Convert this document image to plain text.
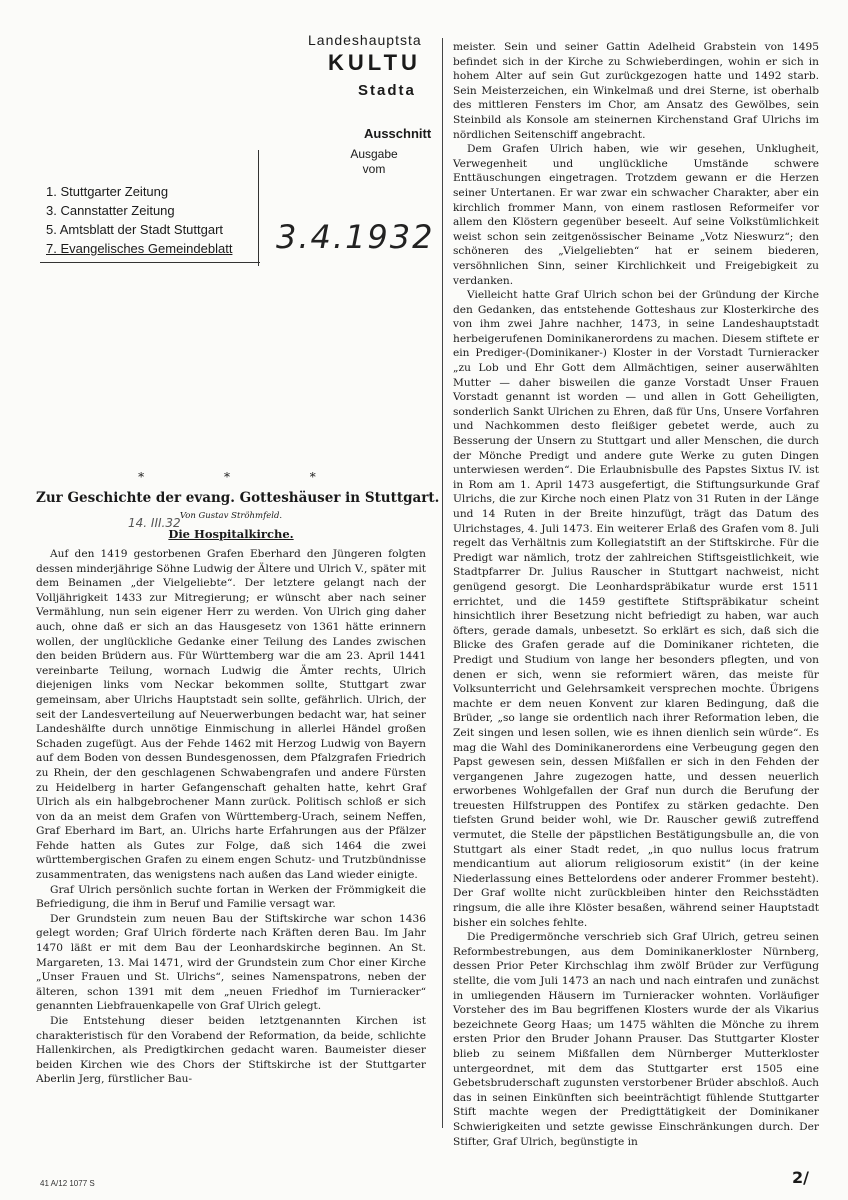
Landeshauptsta
KULTU
Stadta
Ausschnitt
Ausgabe
vom
1. Stuttgarter Zeitung
3. Cannstatter Zeitung
5. Amtsblatt der Stadt Stuttgart
7. Evangelisches Gemeindeblatt 3.4.1932
* * *
Zur Geschichte der evang. Gotteshäuser in Stuttgart.
Von Gustav Ströhmfeld.
14. III.32
Die Hospitalkirche.

Auf den 1419 gestorbenen Grafen Eberhard den Jüngeren folgten dessen minderjährige Söhne Ludwig der Ältere und Ulrich V., später mit dem Beinamen „der Vielgeliebte“. Der letztere gelangt nach der Volljährigkeit 1433 zur Mitregierung; er wünscht aber nach seiner Vermählung, nun sein eigener Herr zu werden. Von Ulrich ging daher auch, ohne daß er sich an das Hausgesetz von 1361 hätte erinnern wollen, der unglückliche Gedanke einer Teilung des Landes zwischen den beiden Brüdern aus. Für Württemberg war die am 23. April 1441 vereinbarte Teilung, wornach Ludwig die Ämter rechts, Ulrich diejenigen links vom Neckar bekommen sollte, Stuttgart zwar gemeinsam, aber Ulrichs Hauptstadt sein sollte, gefährlich. Ulrich, der seit der Landesverteilung auf Neuerwerbungen bedacht war, hat seiner Landeshälfte durch unnötige Einmischung in allerlei Händel großen Schaden zugefügt. Aus der Fehde 1462 mit Herzog Ludwig von Bayern auf dem Boden von dessen Bundesgenossen, dem Pfalzgrafen Friedrich zu Rhein, der den geschlagenen Schwabengrafen und andere Fürsten zu Heidelberg in harter Gefangenschaft gehalten hatte, kehrt Graf Ulrich als ein halbgebrochener Mann zurück. Politisch schloß er sich von da an meist dem Grafen von Württemberg-Urach, seinem Neffen, Graf Eberhard im Bart, an. Ulrichs harte Erfahrungen aus der Pfälzer Fehde hatten als Gutes zur Folge, daß sich 1464 die zwei württembergischen Grafen zu einem engen Schutz- und Trutzbündnisse zusammentraten, das wenigstens nach außen das Land wieder einigte.

Graf Ulrich persönlich suchte fortan in Werken der Frömmigkeit die Befriedigung, die ihm in Beruf und Familie versagt war.

Der Grundstein zum neuen Bau der Stiftskirche war schon 1436 gelegt worden; Graf Ulrich förderte nach Kräften deren Bau. Im Jahr 1470 läßt er mit dem Bau der Leonhardskirche beginnen. An St. Margareten, 13. Mai 1471, wird der Grundstein zum Chor einer Kirche „Unser Frauen und St. Ulrichs“, seines Namenspatrons, neben der älteren, schon 1391 mit dem „neuen Friedhof im Turnieracker“ genannten Liebfrauenkapelle von Graf Ulrich gelegt.

Die Entstehung dieser beiden letztgenannten Kirchen ist charakteristisch für den Vorabend der Reformation, da beide, schlichte Hallenkirchen, als Predigtkirchen gedacht waren. Baumeister dieser beiden Kirchen wie des Chors der Stiftskirche ist der Stuttgarter Aberlin Jerg, fürstlicher Bau-

meister. Sein und seiner Gattin Adelheid Grabstein von 1495 befindet sich in der Kirche zu Schwieberdingen, wohin er sich in hohem Alter auf sein Gut zurückgezogen hatte und 1492 starb. Sein Meisterzeichen, ein Winkelmaß und drei Sterne, ist oberhalb des mittleren Fensters im Chor, am Ansatz des Gewölbes, sein Steinbild als Konsole am steinernen Kirchenstand Graf Ulrichs im nördlichen Seitenschiff angebracht.

Dem Grafen Ulrich haben, wie wir gesehen, Unklugheit, Verwegenheit und unglückliche Umstände schwere Enttäuschungen eingetragen. Trotzdem gewann er die Herzen seiner Untertanen. Er war zwar ein schwacher Charakter, aber ein kirchlich frommer Mann, von einem rastlosen Reformeifer vor allem den Klöstern gegenüber beseelt. Auf seine Volkstümlichkeit weist schon sein zeitgenössischer Beiname „Votz Nieswurz“; den schöneren des „Vielgeliebten“ hat er seinem biederen, versöhnlichen Sinn, seiner Kirchlichkeit und Freigebigkeit zu verdanken.

Vielleicht hatte Graf Ulrich schon bei der Gründung der Kirche den Gedanken, das entstehende Gotteshaus zur Klosterkirche des von ihm zwei Jahre nachher, 1473, in seine Landeshauptstadt herbeigerufenen Dominikanerordens zu machen. Diesem stiftete er ein Prediger-(Dominikaner-) Kloster in der Vorstadt Turnieracker „zu Lob und Ehr Gott dem Allmächtigen, seiner auserwählten Mutter — daher bisweilen die ganze Vorstadt Unser Frauen Vorstadt genannt ist worden — und allen in Gott Geheiligten, sonderlich Sankt Ulrichen zu Ehren, daß für Uns, Unsere Vorfahren und Nachkommen desto fleißiger gebetet werde, auch zu Besserung der Unsern zu Stuttgart und aller Menschen, die durch der Mönche Predigt und andere gute Werke zu guten Dingen unterwiesen werden“. Die Erlaubnisbulle des Papstes Sixtus IV. ist in Rom am 1. April 1473 ausgefertigt, die Stiftungsurkunde Graf Ulrichs, die zur Kirche noch einen Platz von 31 Ruten in der Länge und 14 Ruten in der Breite hinzufügt, trägt das Datum des Ulrichstages, 4. Juli 1473. Ein weiterer Erlaß des Grafen vom 8. Juli regelt das Verhältnis zum Kollegiatstift an der Stiftskirche. Für die Predigt war nämlich, trotz der zahlreichen Stiftsgeistlichkeit, wie Stadtpfarrer Dr. Julius Rauscher in Stuttgart nachweist, nicht genügend gesorgt. Die Leonhardspräbikatur wurde erst 1511 errichtet, und die 1459 gestiftete Stiftspräbikatur scheint hinsichtlich ihrer Besetzung nicht befriedigt zu haben, war auch öfters, gerade damals, unbesetzt. So erklärt es sich, daß sich die Blicke des Grafen gerade auf die Dominikaner richteten, die Predigt und Studium von lange her besonders pflegten, und von denen er sich, wenn sie reformiert wären, das meiste für Volksunterricht und Gelehrsamkeit versprechen mochte. Übrigens machte er dem neuen Konvent zur klaren Bedingung, daß die Brüder, „so lange sie ordentlich nach ihrer Reformation leben, die Zeit singen und lesen sollen, wie es ihnen dienlich sein würde“. Es mag die Wahl des Dominikanerordens eine Verbeugung gegen den Papst gewesen sein, dessen Mißfallen er sich in den Fehden der vergangenen Jahre zugezogen hatte, und dessen neuerlich erworbenes Wohlgefallen der Graf nun durch die Berufung der treuesten Hilfstruppen des Pontifex zu stärken gedachte. Den tiefsten Grund beider wohl, wie Dr. Rauscher gewiß zutreffend vermutet, die Stelle der päpstlichen Bestätigungsbulle an, die von Stuttgart als einer Stadt redet, „in quo nullus locus fratrum mendicantium aut aliorum religiosorum existit“ (in der keine Niederlassung eines Bettelordens oder anderer Frommer besteht). Der Graf wollte nicht zurückbleiben hinter den Reichsstädten ringsum, die alle ihre Klöster besaßen, während seiner Hauptstadt bisher ein solches fehlte.

Die Predigermönche verschrieb sich Graf Ulrich, getreu seinen Reformbestrebungen, aus dem Dominikanerkloster Nürnberg, dessen Prior Peter Kirchschlag ihm zwölf Brüder zur Verfügung stellte, die vom Juli 1473 an nach und nach eintrafen und zunächst in umliegenden Häusern im Turnieracker wohnten. Vorläufiger Vorsteher des im Bau begriffenen Klosters wurde der als Vikarius bezeichnete Georg Haas; um 1475 wählten die Mönche zu ihrem ersten Prior den Bruder Johann Prauser. Das Stuttgarter Kloster blieb zu seinem Mißfallen dem Nürnberger Mutterkloster untergeordnet, mit dem das Stuttgarter erst 1505 eine Gebetsbruderschaft zugunsten verstorbener Brüder abschloß. Auch das in seinen Einkünften sich beeinträchtigt fühlende Stuttgarter Stift machte wegen der Predigttätigkeit der Dominikaner Schwierigkeiten und setzte gewisse Einschränkungen durch. Der Stifter, Graf Ulrich, begünstigte in

41 A/12 1077 S	2/
